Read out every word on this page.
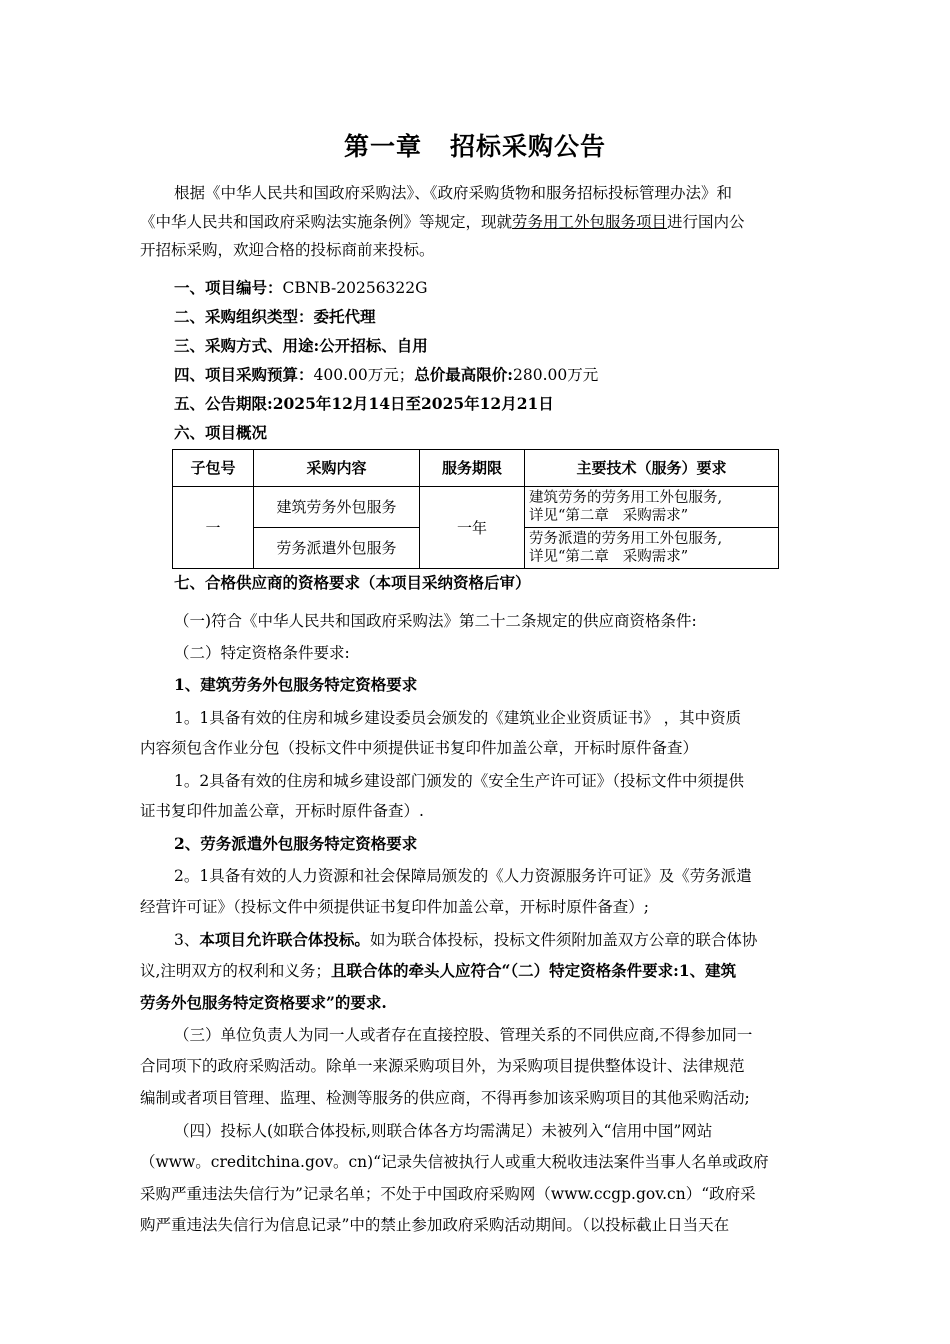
第一章 招标采购公告
根据《中华人民共和国政府采购法》、《政府采购货物和服务招标投标管理办法》和
《中华人民共和国政府采购法实施条例》等规定，现就劳务用工外包服务项目进行国内公
开招标采购，欢迎合格的投标商前来投标。
一、项目编号：CBNB-20256322G
二、采购组织类型：委托代理
三、采购方式、用途:公开招标、自用
四、项目采购预算：400.00万元；总价最高限价:280.00万元
五、公告期限:2025年12月14日至2025年12月21日
六、项目概况
子包号	采购内容	服务期限	主要技术（服务）要求
一	建筑劳务外包服务	一年	建筑劳务的劳务用工外包服务,
详见“第二章   采购需求”

	劳务派遣外包服务		劳务派遣的劳务用工外包服务,
详见“第二章   采购需求”
七、合格供应商的资格要求（本项目采纳资格后审）
（一)符合《中华人民共和国政府采购法》第二十二条规定的供应商资格条件:
（二）特定资格条件要求:
1、建筑劳务外包服务特定资格要求
1。1具备有效的住房和城乡建设委员会颁发的《建筑业企业资质证书》 ，其中资质
内容须包含作业分包（投标文件中须提供证书复印件加盖公章，开标时原件备查）
1。2具备有效的住房和城乡建设部门颁发的《安全生产许可证》（投标文件中须提供
证书复印件加盖公章，开标时原件备查）.
2、劳务派遣外包服务特定资格要求
2。1具备有效的人力资源和社会保障局颁发的《人力资源服务许可证》及《劳务派遣
经营许可证》（投标文件中须提供证书复印件加盖公章，开标时原件备查）;
3、本项目允许联合体投标。如为联合体投标，投标文件须附加盖双方公章的联合体协
议,注明双方的权利和义务；且联合体的牵头人应符合“（二）特定资格条件要求:1、建筑
劳务外包服务特定资格要求”的要求.
（三）单位负责人为同一人或者存在直接控股、管理关系的不同供应商,不得参加同一
合同项下的政府采购活动。除单一来源采购项目外，为采购项目提供整体设计、法律规范
编制或者项目管理、监理、检测等服务的供应商，不得再参加该采购项目的其他采购活动;
（四）投标人(如联合体投标,则联合体各方均需满足）未被列入“信用中国”网站
（www。creditchina.gov。cn)“记录失信被执行人或重大税收违法案件当事人名单或政府
采购严重违法失信行为”记录名单；不处于中国政府采购网（www.ccgp.gov.cn）“政府采
购严重违法失信行为信息记录”中的禁止参加政府采购活动期间。（以投标截止日当天在
